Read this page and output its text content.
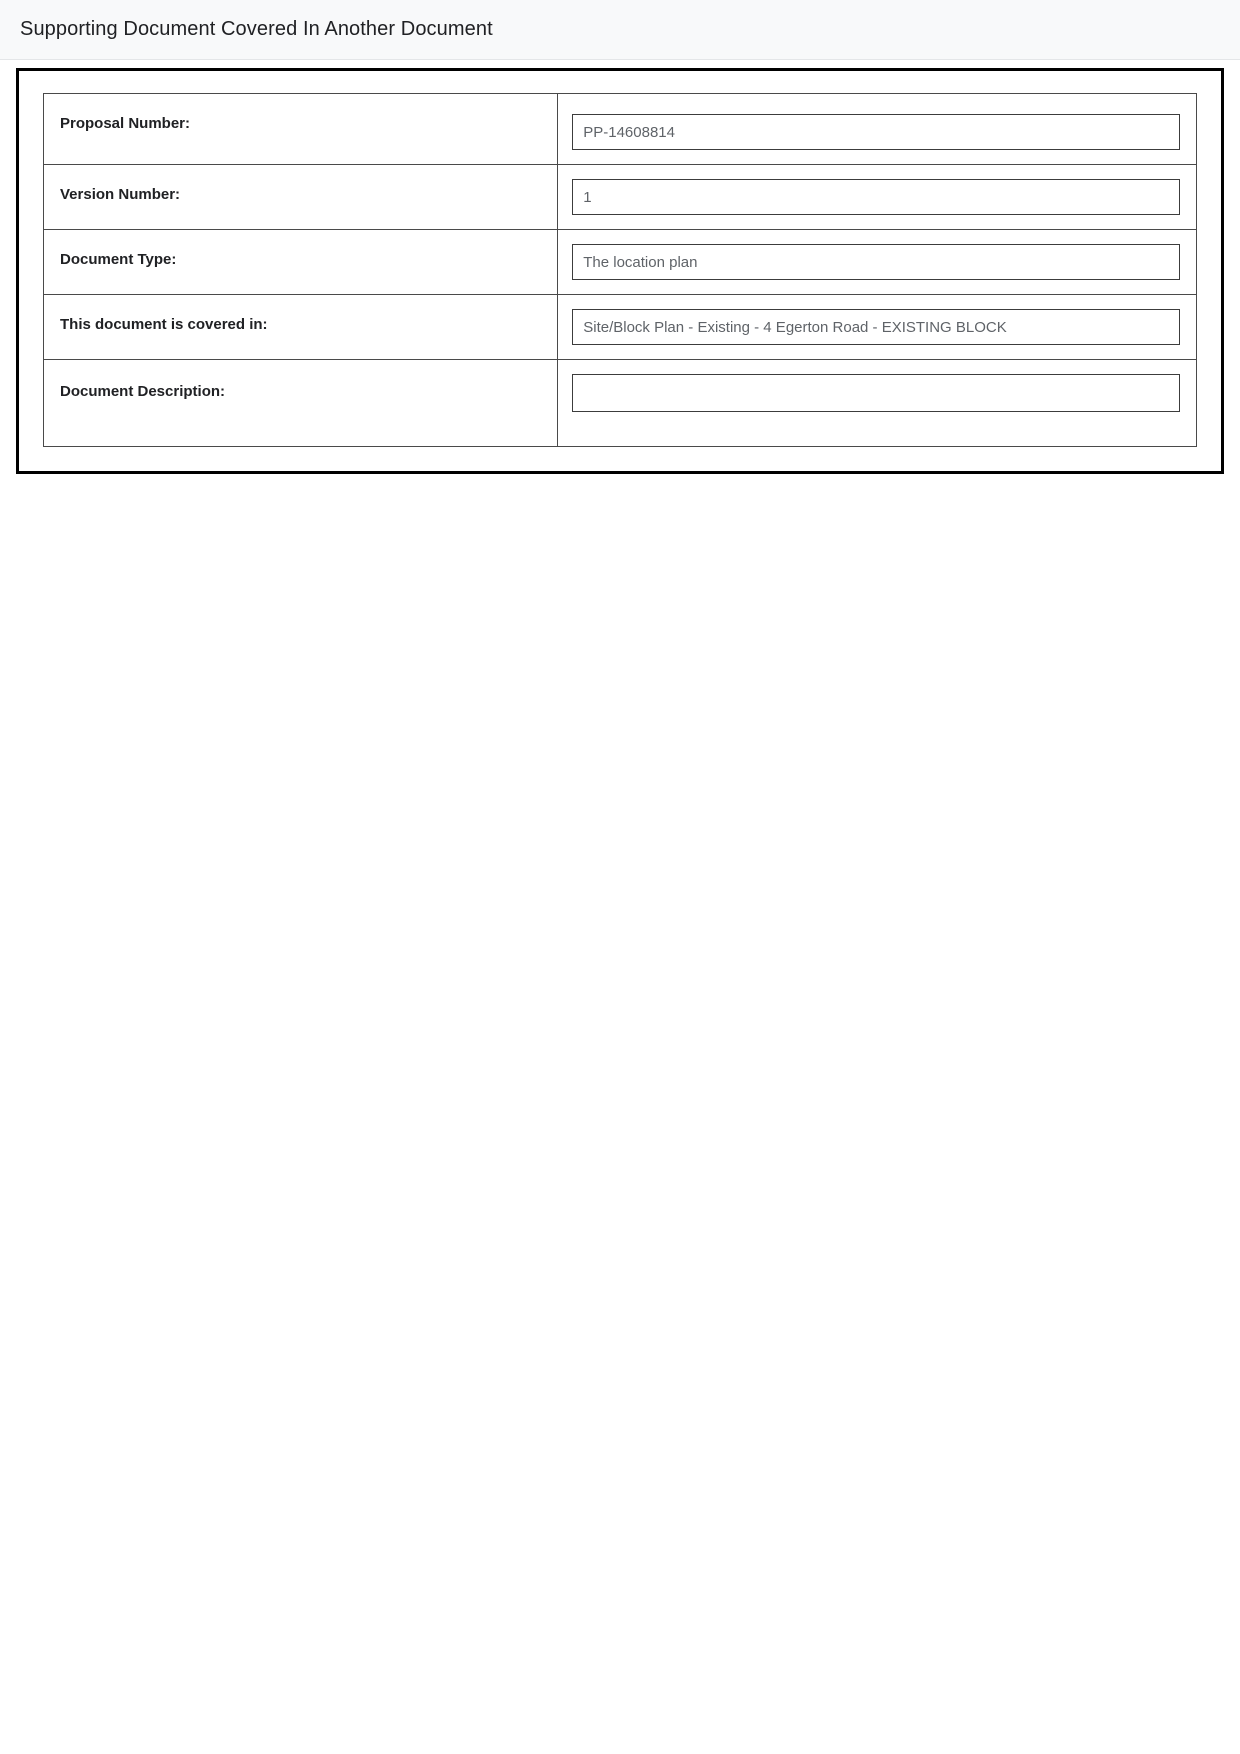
Supporting Document Covered In Another Document
Proposal Number:	PP-14608814

Version Number:	1

Document Type:	The location plan

This document is covered in:	Site/Block Plan - Existing - 4 Egerton Road - EXISTING BLOCK

Document Description:	
